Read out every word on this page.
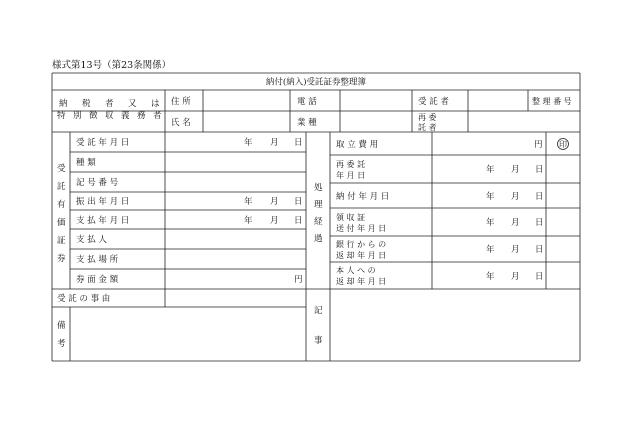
様式第13号（第23条関係）
納付(納入)受託証券整理簿
納 税 者 又 は
特 別 徴 収 義 務 者
住 所
氏 名
電 話
業 種
受 託 者
再 委
託 者
整 理 番 号
受
託
有
価
証
券
受 託 年 月 日
種 類
記 号 番 号
振 出 年 月 日
支 払 年 月 日
支 払 人
支 払 場 所
券 面 金 額
年 月 日
年 月 日
年 月 日
円
受 託 の 事 由
備
考
処
理
経
過
取 立 費 用
再 委 託
年 月 日
納 付 年 月 日
領 収 証
送 付 年 月 日
銀 行 か ら の
返 却 年 月 日
本 人 へ の
返 却 年 月 日
円 印
年 月 日
年 月 日
年 月 日
年 月 日
年 月 日
記
事
